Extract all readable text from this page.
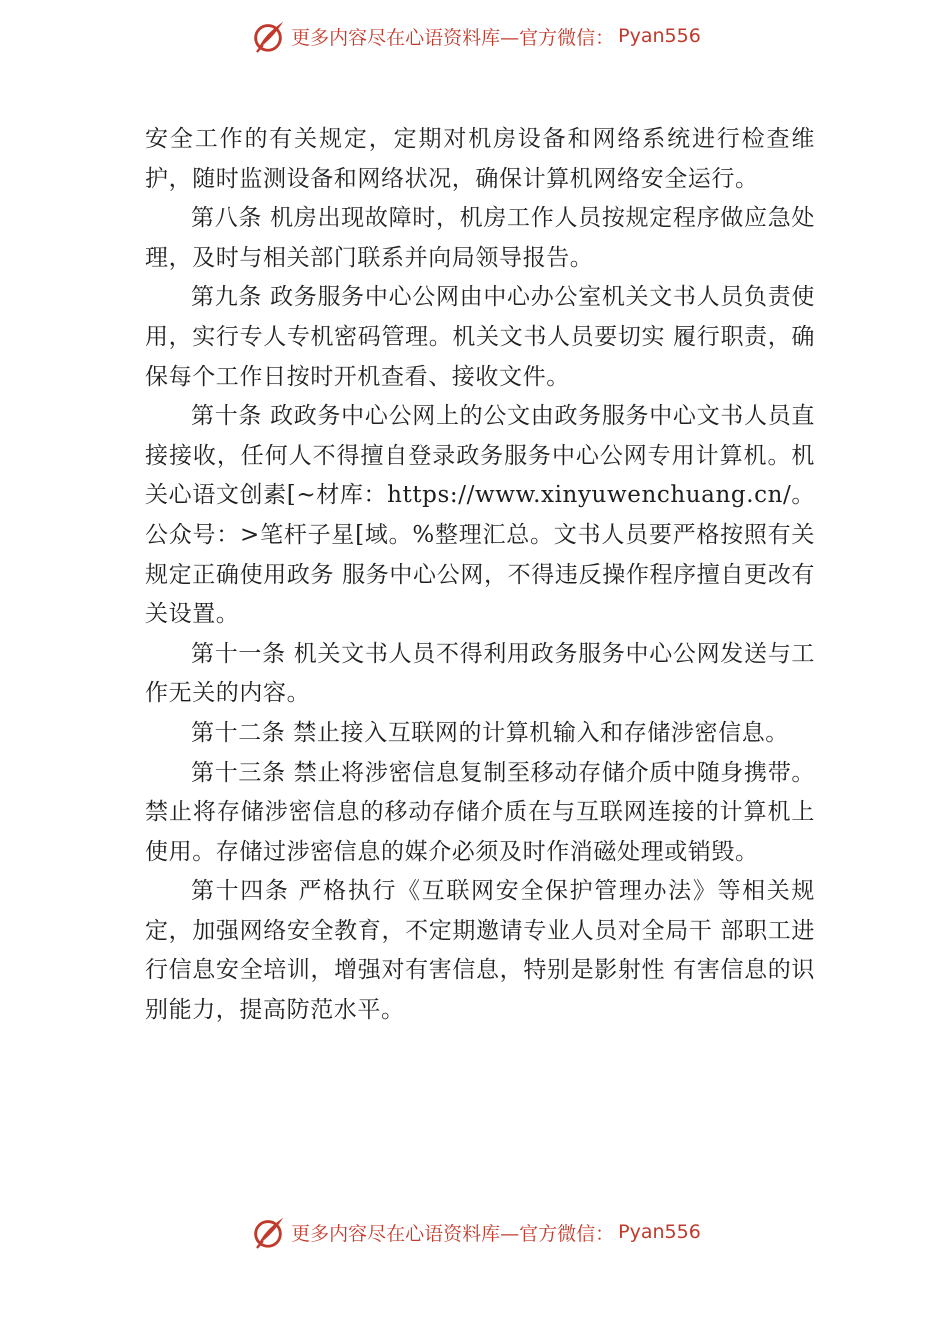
更多内容尽在心语资料库—官方微信： Pyan556

安全工作的有关规定，定期对机房设备和网络系统进行检查维护，随时监测设备和网络状况，确保计算机网络安全运行。

第八条 机房出现故障时，机房工作人员按规定程序做应急处理，及时与相关部门联系并向局领导报告。

第九条 政务服务中心公网由中心办公室机关文书人员负责使用，实行专人专机密码管理。机关文书人员要切实 履行职责，确保每个工作日按时开机查看、接收文件。

第十条 政政务中心公网上的公文由政务服务中心文书人员直接接收，任何人不得擅自登录政务服务中心公网专用计算机。机关心语文创素[~材库：https://www.xinyuwenchuang.cn/。公众号：>笔杆子星[域。%整理汇总。文书人员要严格按照有关规定正确使用政务 服务中心公网，不得违反操作程序擅自更改有关设置。

第十一条 机关文书人员不得利用政务服务中心公网发送与工作无关的内容。

第十二条 禁止接入互联网的计算机输入和存储涉密信息。

第十三条 禁止将涉密信息复制至移动存储介质中随身携带。禁止将存储涉密信息的移动存储介质在与互联网连接的计算机上使用。存储过涉密信息的媒介必须及时作消磁处理或销毁。

第十四条 严格执行《互联网安全保护管理办法》等相关规定，加强网络安全教育，不定期邀请专业人员对全局干 部职工进行信息安全培训，增强对有害信息，特别是影射性 有害信息的识别能力，提高防范水平。

更多内容尽在心语资料库—官方微信： Pyan556
